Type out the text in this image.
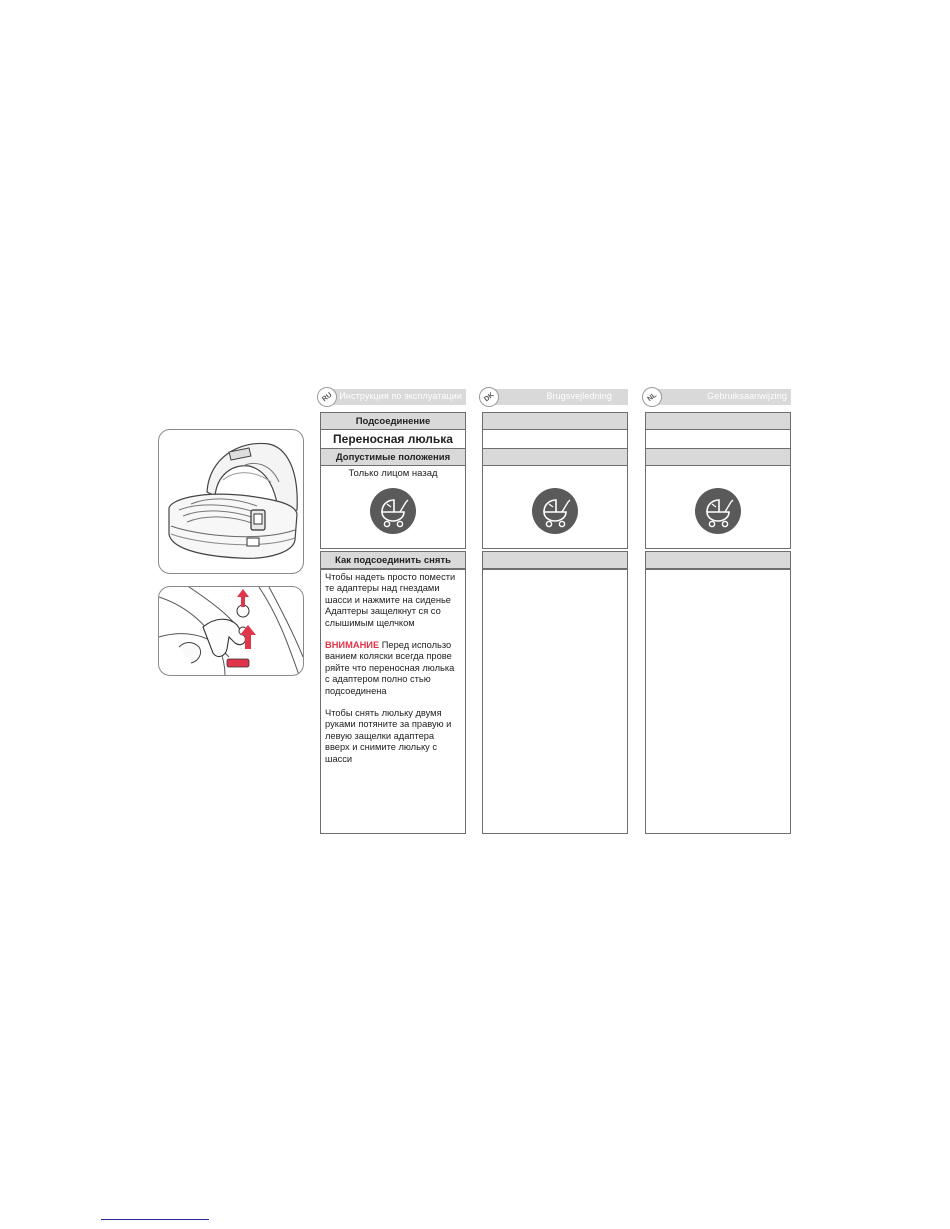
RU Инструкция по эксплуатации
Подсоединение
Переносная люлька
Допустимые положения
Только лицом назад
Как подсоединить снять

Чтобы надеть просто помести те адаптеры над гнездами шасси и нажмите на сиденье Адаптеры защелкнут ся со слышимым щелчком

ВНИМАНИЕ Перед использо ванием коляски всегда прове ряйте что переносная люлька с адаптером полно стью подсоединена

Чтобы снять люльку двумя руками потяните за правую и левую защелки адаптера вверх и снимите люльку с шасси

DK	Brugsvejledning	NL	Gebruiksaanwijzing
